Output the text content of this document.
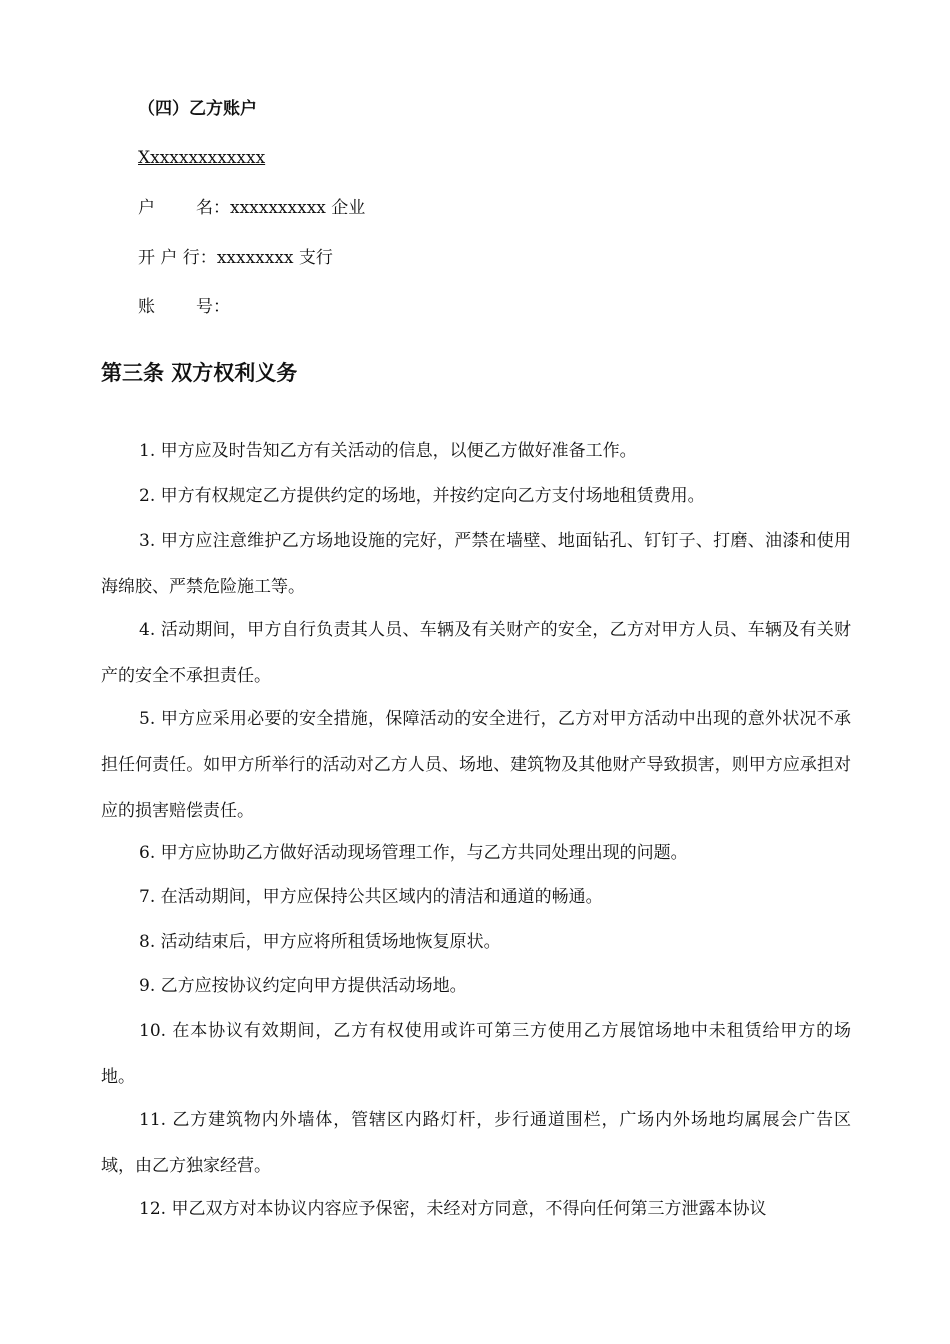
（四）乙方账户
Xxxxxxxxxxxxx
户 名：xxxxxxxxxx 企业
开 户 行：xxxxxxxx 支行
账 号：
第三条 双方权利义务
1. 甲方应及时告知乙方有关活动的信息，以便乙方做好准备工作。
2. 甲方有权规定乙方提供约定的场地，并按约定向乙方支付场地租赁费用。
3. 甲方应注意维护乙方场地设施的完好，严禁在墙壁、地面钻孔、钉钉子、打磨、油漆和使用海绵胶、严禁危险施工等。
4. 活动期间，甲方自行负责其人员、车辆及有关财产的安全，乙方对甲方人员、车辆及有关财产的安全不承担责任。
5. 甲方应采用必要的安全措施，保障活动的安全进行，乙方对甲方活动中出现的意外状况不承担任何责任。如甲方所举行的活动对乙方人员、场地、建筑物及其他财产导致损害，则甲方应承担对应的损害赔偿责任。
6. 甲方应协助乙方做好活动现场管理工作，与乙方共同处理出现的问题。
7. 在活动期间，甲方应保持公共区域内的清洁和通道的畅通。
8. 活动结束后，甲方应将所租赁场地恢复原状。
9. 乙方应按协议约定向甲方提供活动场地。
10. 在本协议有效期间，乙方有权使用或许可第三方使用乙方展馆场地中未租赁给甲方的场地。
11. 乙方建筑物内外墙体，管辖区内路灯杆，步行通道围栏，广场内外场地均属展会广告区域，由乙方独家经营。
12. 甲乙双方对本协议内容应予保密，未经对方同意，不得向任何第三方泄露本协议
